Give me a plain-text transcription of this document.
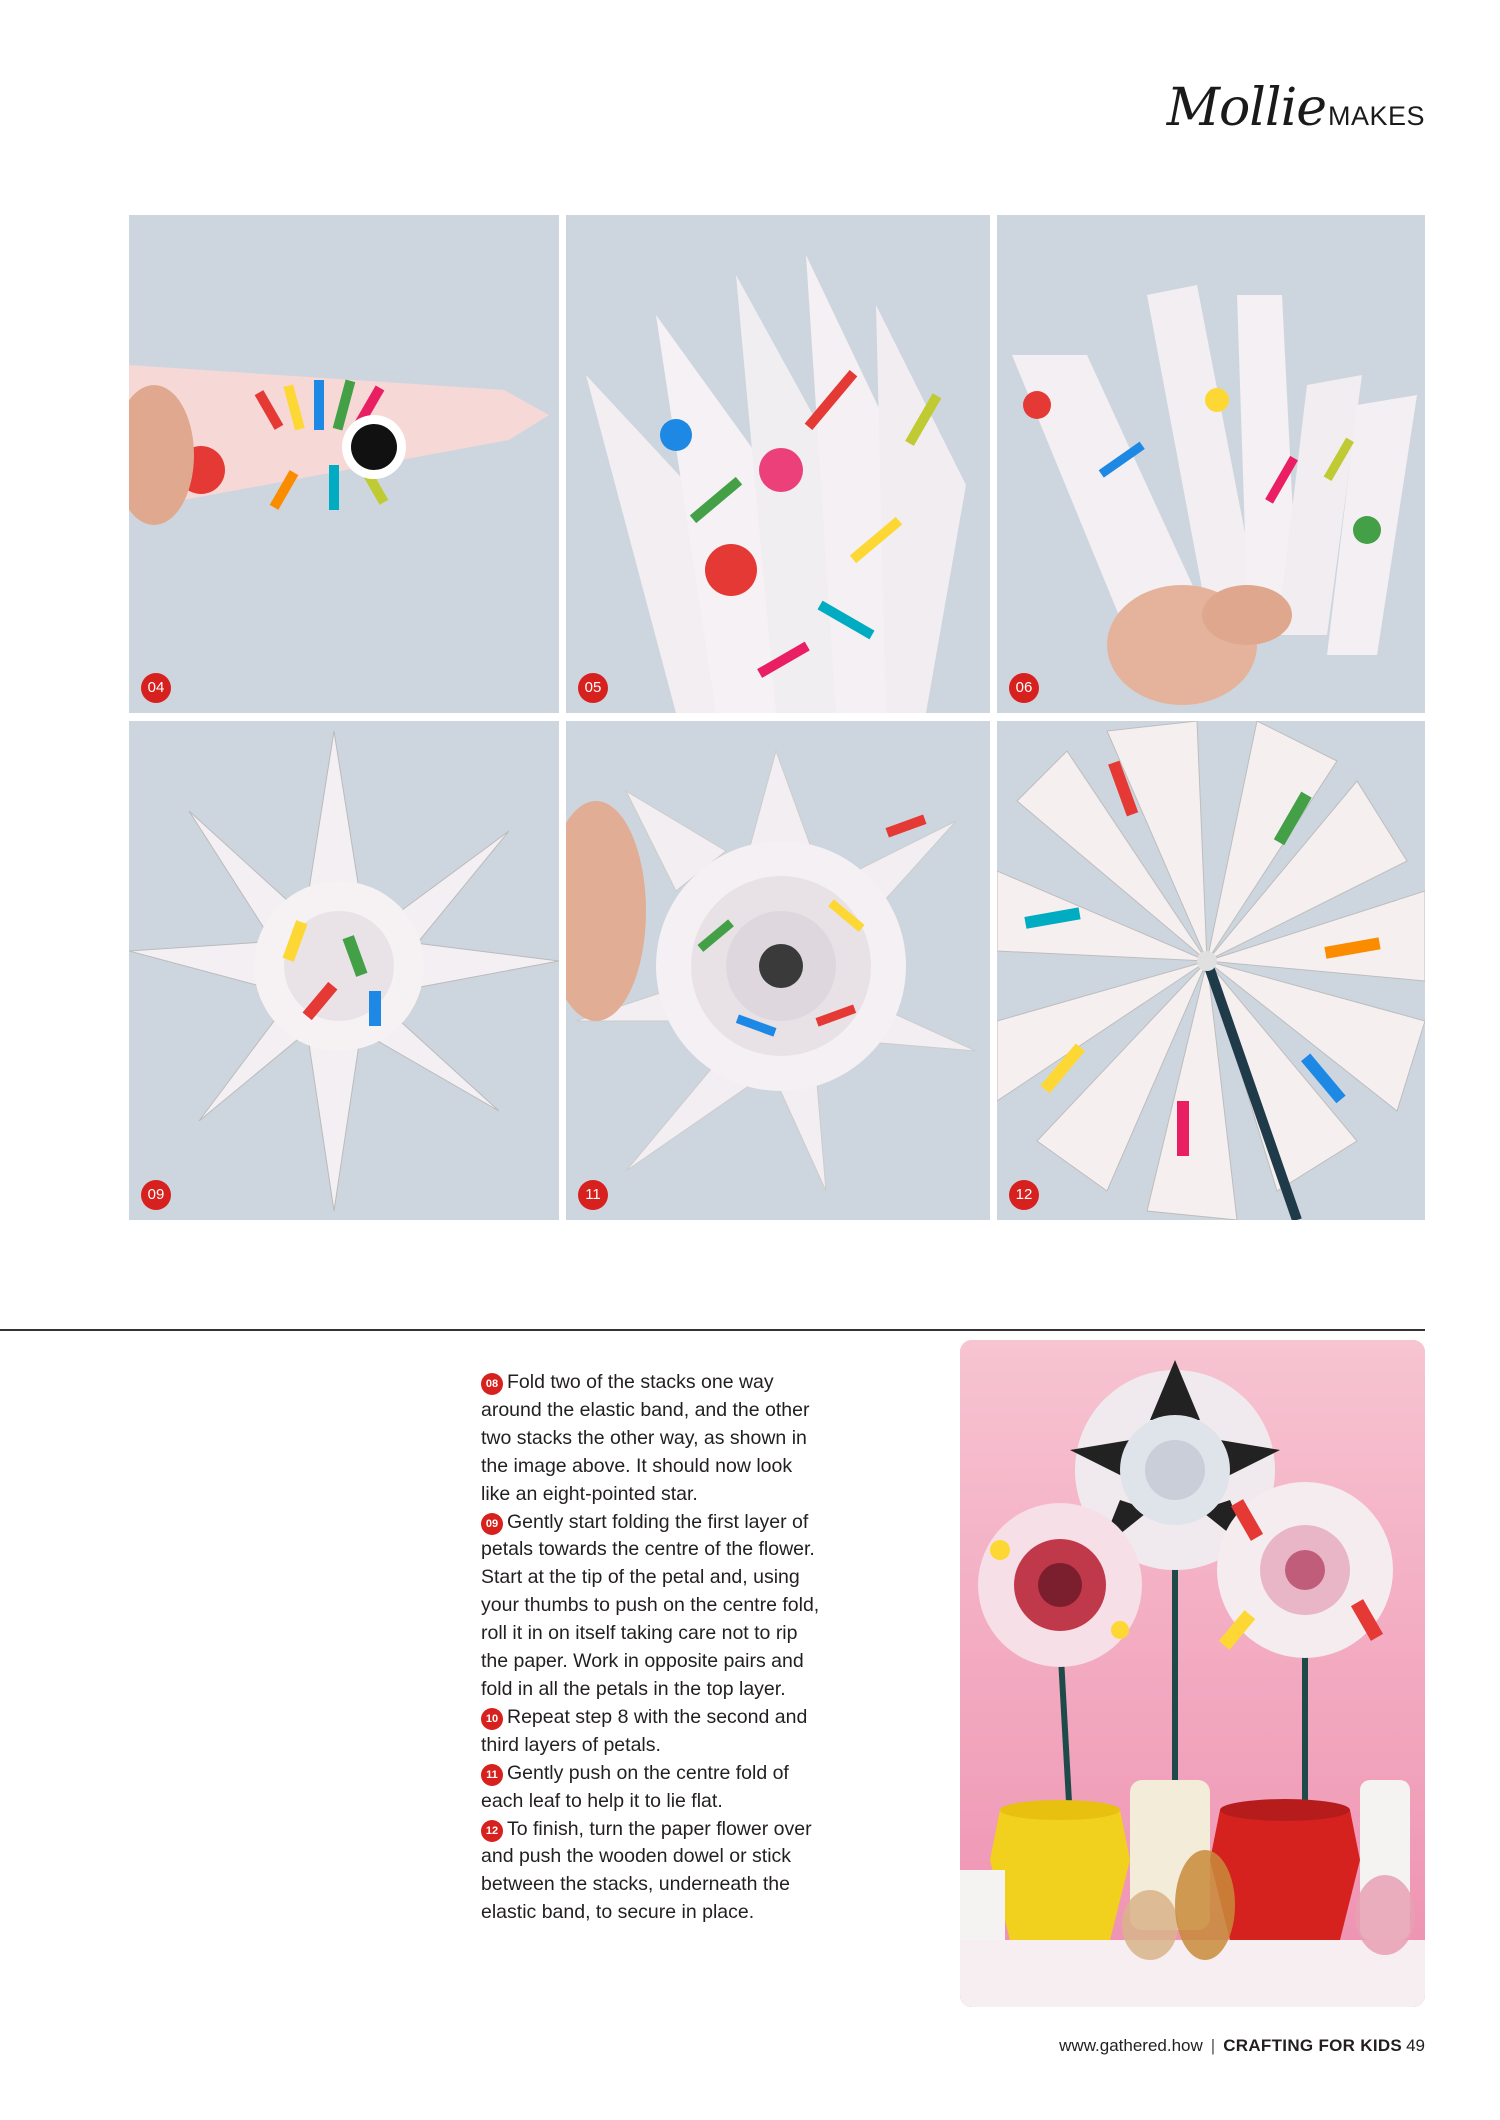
Mollie MAKES
04	05	06
09	11	12

08 Fold two of the stacks one way around the elastic band, and the other two stacks the other way, as shown in the image above. It should now look like an eight-pointed star.

09 Gently start folding the first layer of petals towards the centre of the flower. Start at the tip of the petal and, using your thumbs to push on the centre fold, roll it in on itself taking care not to rip the paper. Work in opposite pairs and fold in all the petals in the top layer.

10 Repeat step 8 with the second and third layers of petals.

11 Gently push on the centre fold of each leaf to help it to lie flat.

12 To finish, turn the paper flower over and push the wooden dowel or stick between the stacks, underneath the elastic band, to secure in place.

www.gathered.how | CRAFTING FOR KIDS 49
